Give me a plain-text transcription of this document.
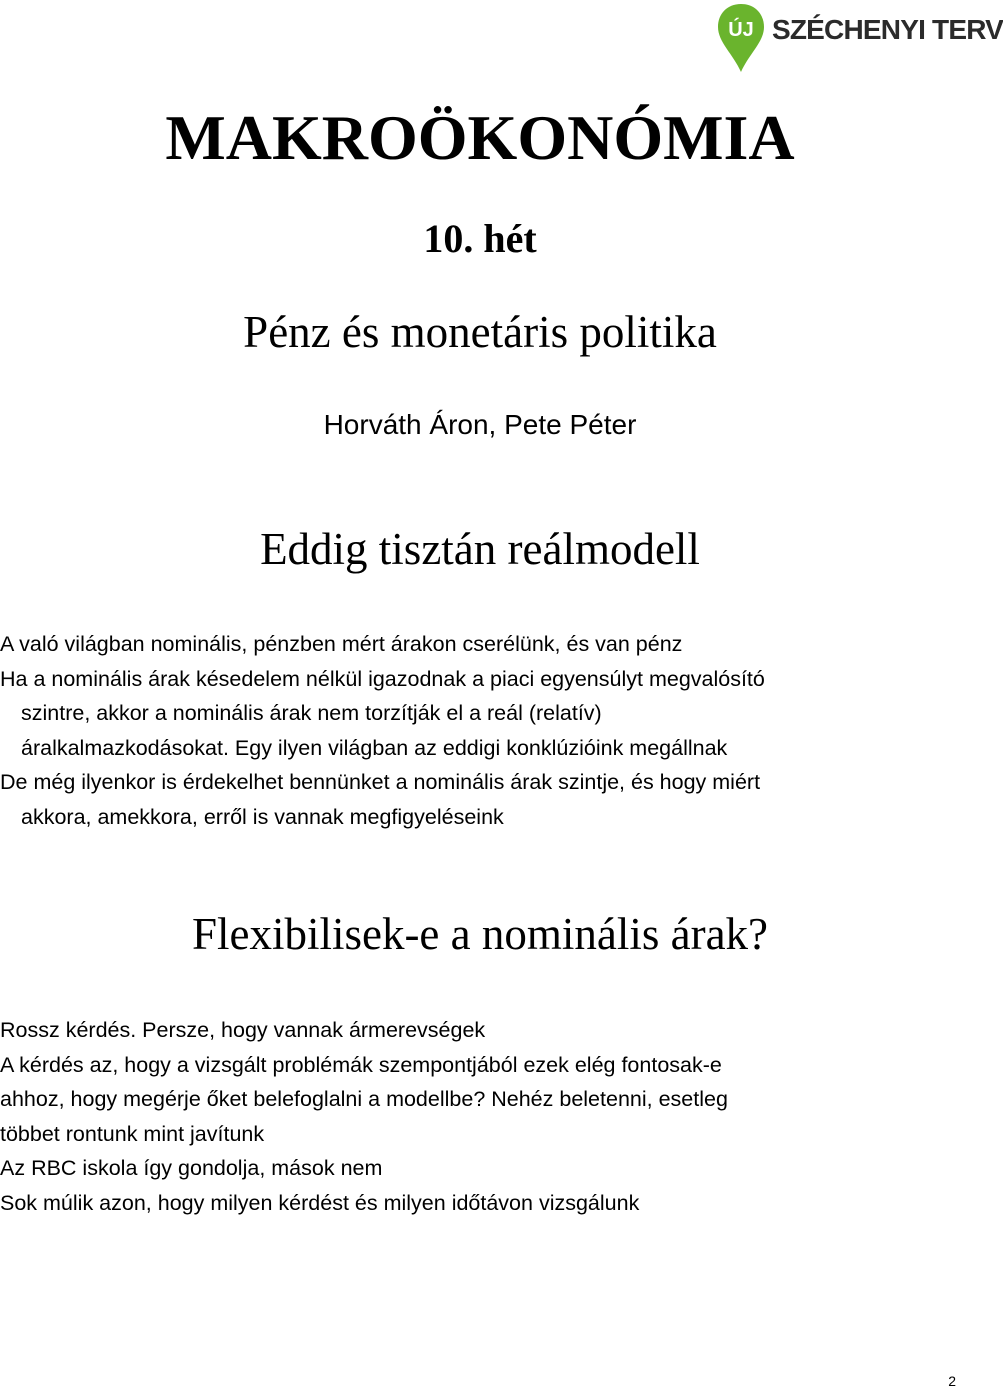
ÚJ SZÉCHENYI TERV
MAKROÖKONÓMIA
10. hét
Pénz és monetáris politika
Horváth Áron, Pete Péter
Eddig tisztán reálmodell
A való világban nominális, pénzben mért árakon cserélünk, és van pénz
Ha a nominális árak késedelem nélkül igazodnak a piaci egyensúlyt megvalósító
szintre, akkor a nominális árak nem torzítják el a reál (relatív)
áralkalmazkodásokat. Egy ilyen világban az eddigi konklúzióink megállnak
De még ilyenkor is érdekelhet bennünket a nominális árak szintje, és hogy miért
akkora, amekkora, erről is vannak megfigyeléseink
Flexibilisek-e a nominális árak?
Rossz kérdés. Persze, hogy vannak ármerevségek
A kérdés az, hogy a vizsgált problémák szempontjából ezek elég fontosak-e
ahhoz, hogy megérje őket belefoglalni a modellbe? Nehéz beletenni, esetleg
többet rontunk mint javítunk
Az RBC iskola így gondolja, mások nem
Sok múlik azon, hogy milyen kérdést és milyen időtávon vizsgálunk
2
